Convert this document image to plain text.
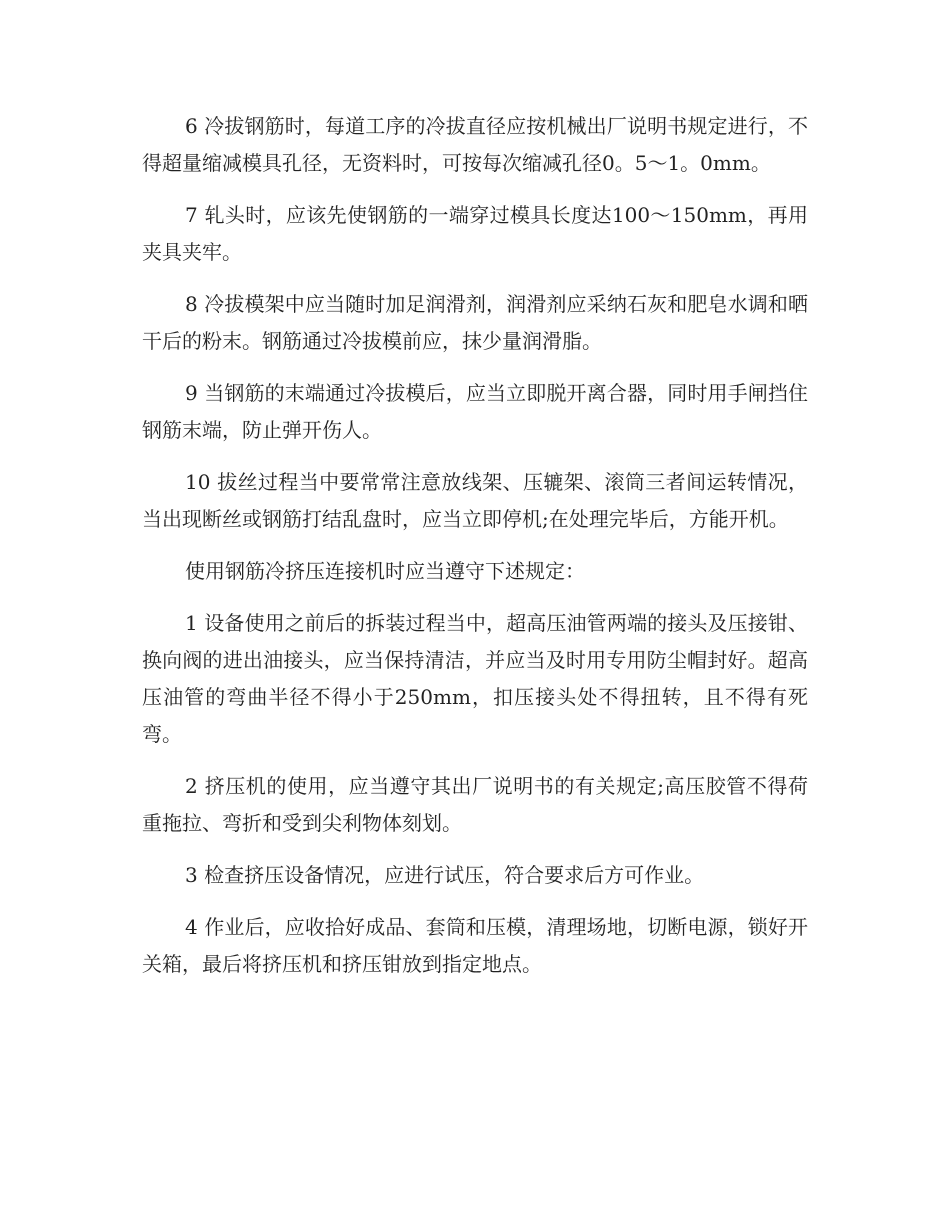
6 冷拔钢筋时，每道工序的冷拔直径应按机械出厂说明书规定进行，不得超量缩减模具孔径，无资料时，可按每次缩减孔径0。5～1。0mm。

7 轧头时，应该先使钢筋的一端穿过模具长度达100～150mm，再用夹具夹牢。

8 冷拔模架中应当随时加足润滑剂，润滑剂应采纳石灰和肥皂水调和晒干后的粉末。钢筋通过冷拔模前应，抹少量润滑脂。

9 当钢筋的末端通过冷拔模后，应当立即脱开离合器，同时用手闸挡住钢筋末端，防止弹开伤人。

10 拔丝过程当中要常常注意放线架、压辘架、滚筒三者间运转情况，当出现断丝或钢筋打结乱盘时，应当立即停机;在处理完毕后，方能开机。

使用钢筋冷挤压连接机时应当遵守下述规定：

1 设备使用之前后的拆装过程当中，超高压油管两端的接头及压接钳、换向阀的进出油接头，应当保持清洁，并应当及时用专用防尘帽封好。超高压油管的弯曲半径不得小于250mm，扣压接头处不得扭转，且不得有死弯。

2 挤压机的使用，应当遵守其出厂说明书的有关规定;高压胶管不得荷重拖拉、弯折和受到尖利物体刻划。

3 检查挤压设备情况，应进行试压，符合要求后方可作业。

4 作业后，应收拾好成品、套筒和压模，清理场地，切断电源，锁好开关箱，最后将挤压机和挤压钳放到指定地点。
